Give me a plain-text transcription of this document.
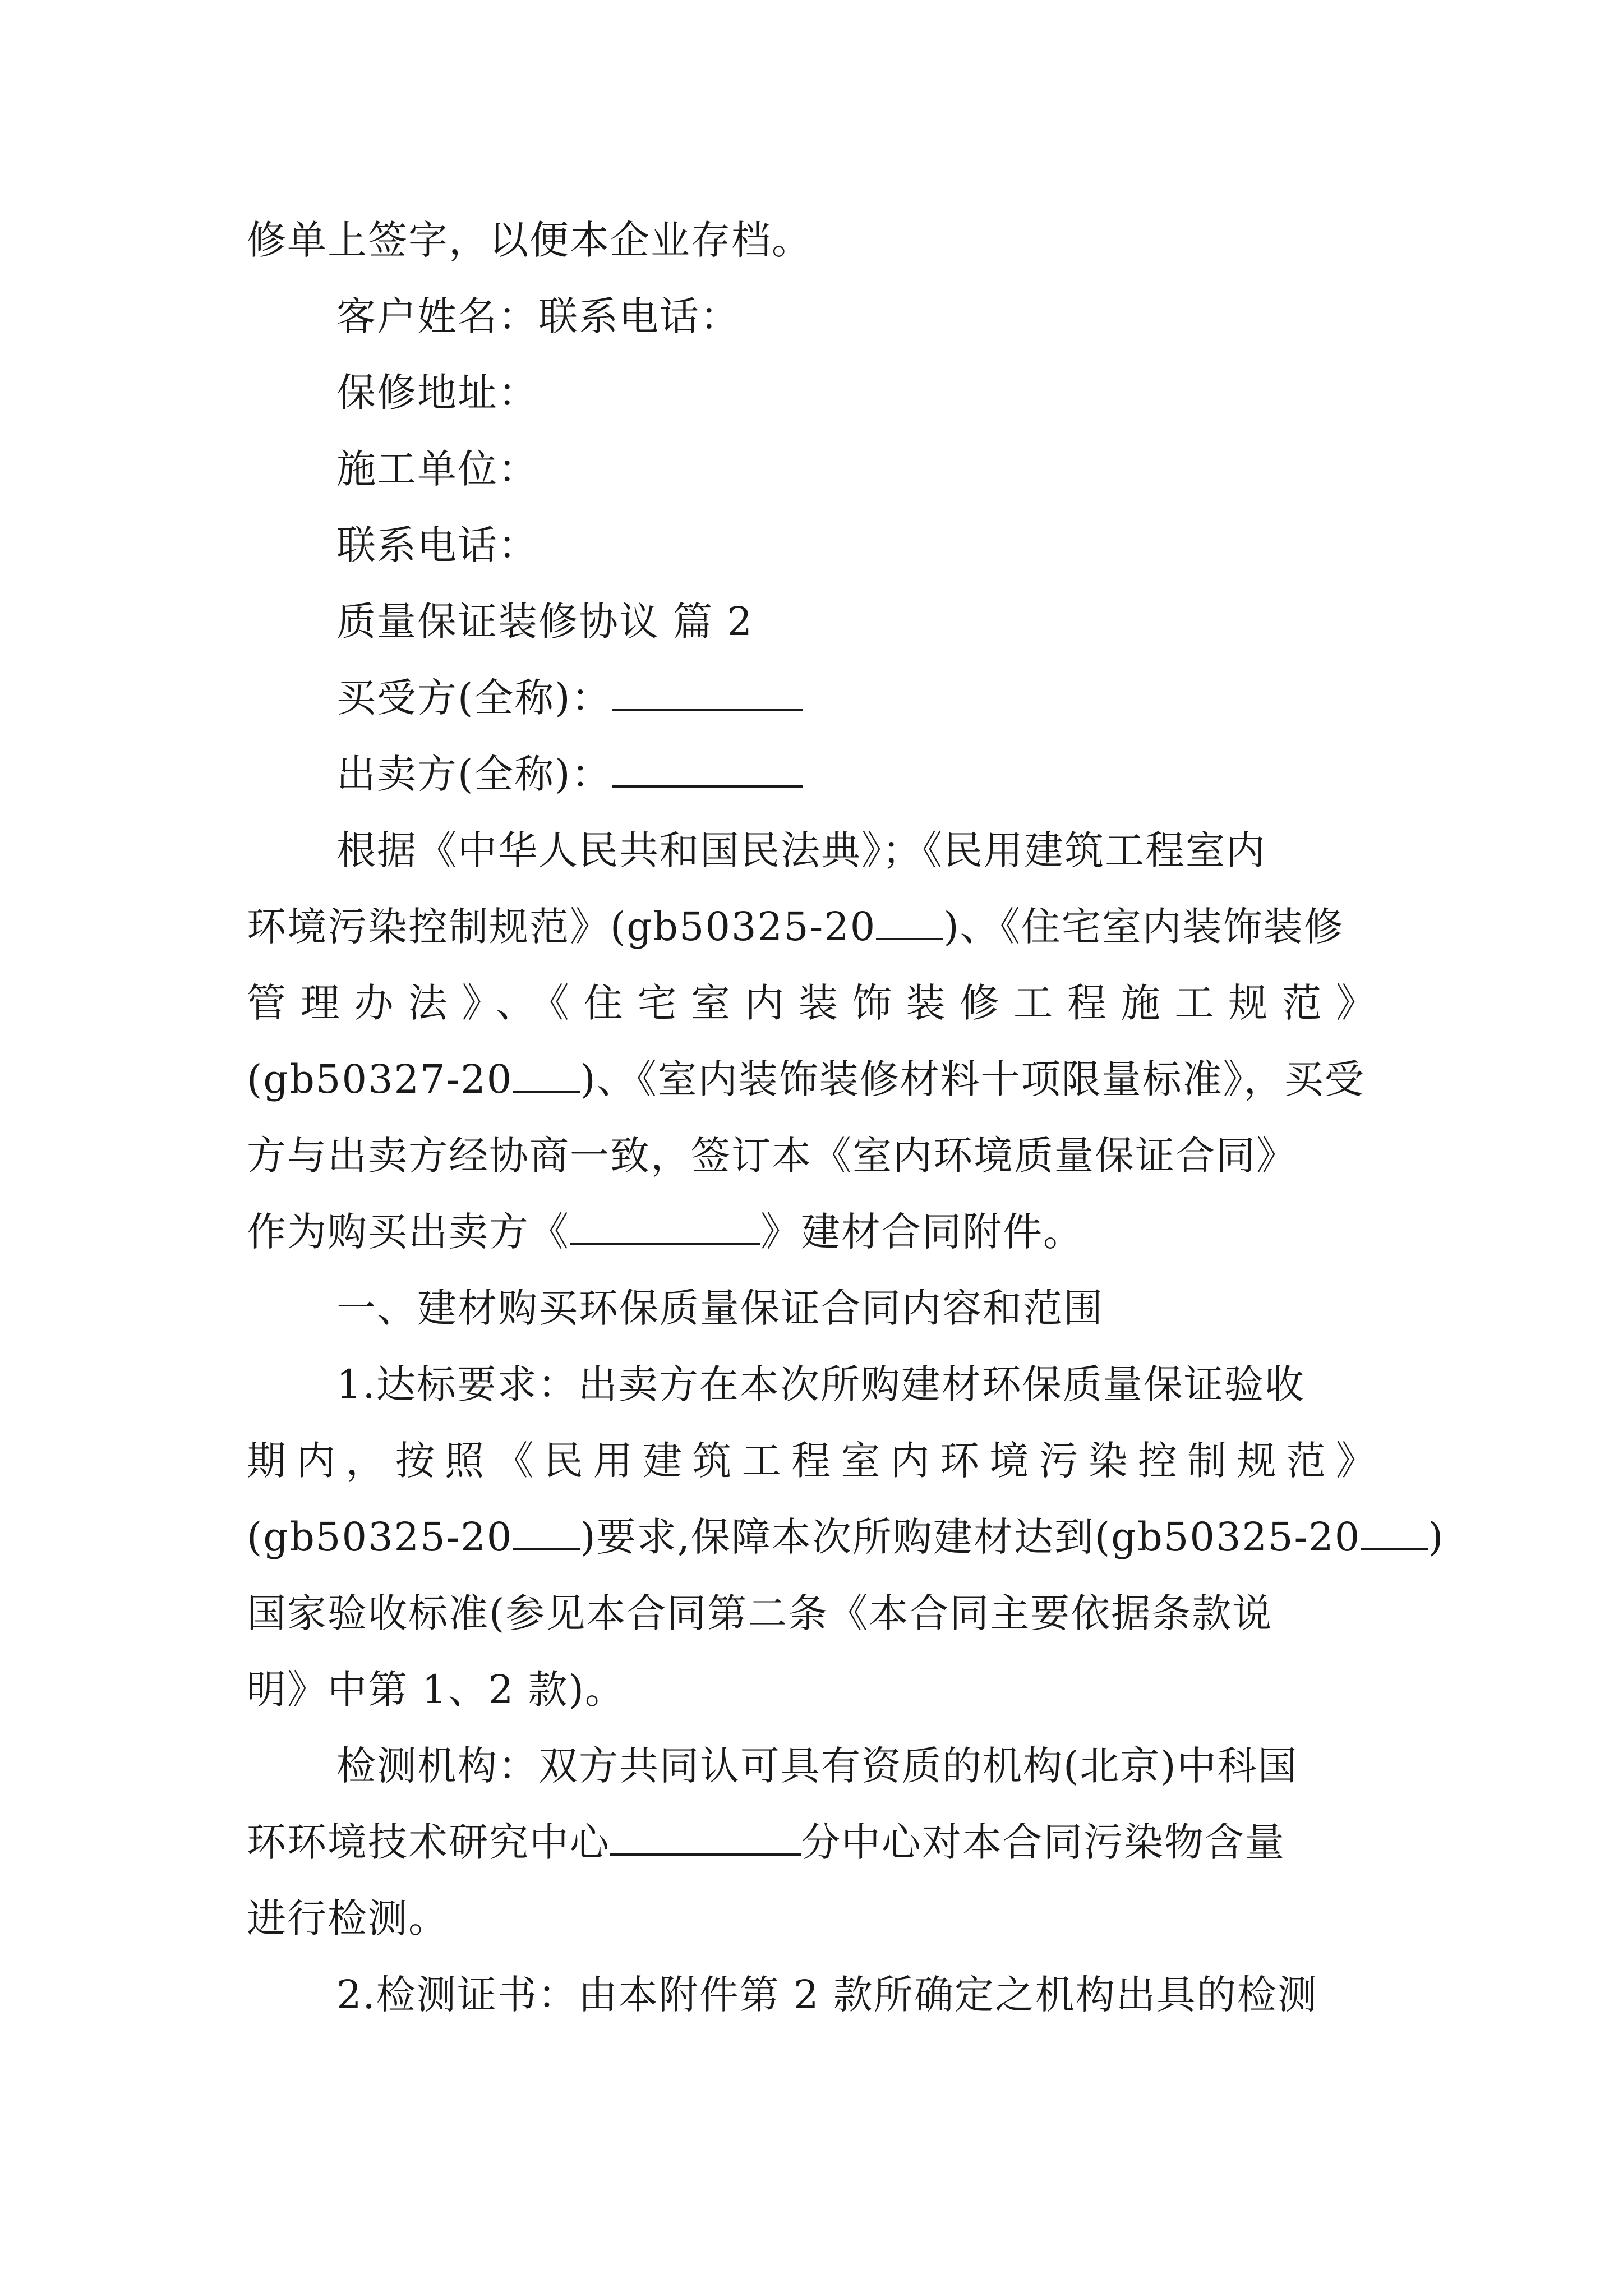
修单上签字，以便本企业存档。
客户姓名：联系电话：
保修地址：
施工单位：
联系电话：
质量保证装修协议 篇 2
买受方(全称)：
出卖方(全称)：
根据《中华人民共和国民法典》；《民用建筑工程室内
环境污染控制规范》(gb50325-20 )、《住宅室内装饰装修
管理办法》、《住宅室内装饰装修工程施工规范》
(gb50327-20 )、《室内装饰装修材料十项限量标准》，买受
方与出卖方经协商一致，签订本《室内环境质量保证合同》
作为购买出卖方《	》建材合同附件。
一、建材购买环保质量保证合同内容和范围
1.达标要求：出卖方在本次所购建材环保质量保证验收
期内，按照《民用建筑工程室内环境污染控制规范》
(gb50325-20 )要求,保障本次所购建材达到(gb50325-20 )
国家验收标准(参见本合同第二条《本合同主要依据条款说
明》中第 1、2 款)。
检测机构：双方共同认可具有资质的机构(北京)中科国
环环境技术研究中心	分中心对本合同污染物含量
进行检测。
2.检测证书：由本附件第 2 款所确定之机构出具的检测
